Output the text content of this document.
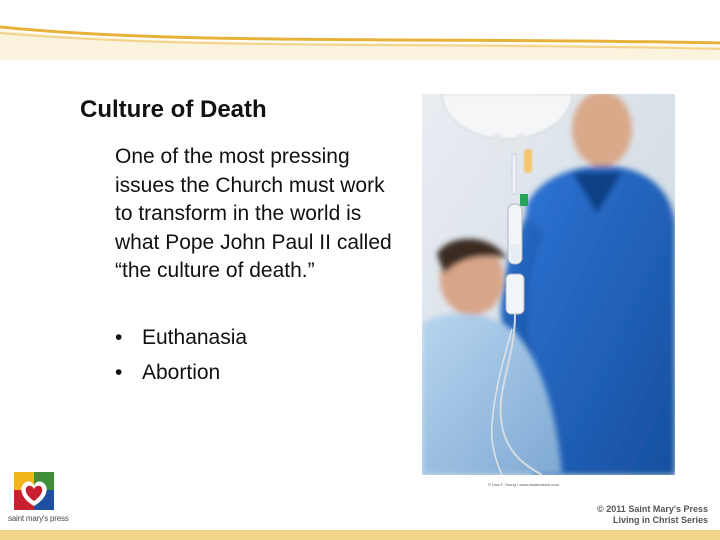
Culture of Death
One of the most pressing issues the Church must work to transform in the world is what Pope John Paul II called “the culture of death.”
• Euthanasia
• Abortion
© Lisa F. Young / www.shutterstock.com
saint mary's press
© 2011 Saint Mary's Press
Living in Christ Series
